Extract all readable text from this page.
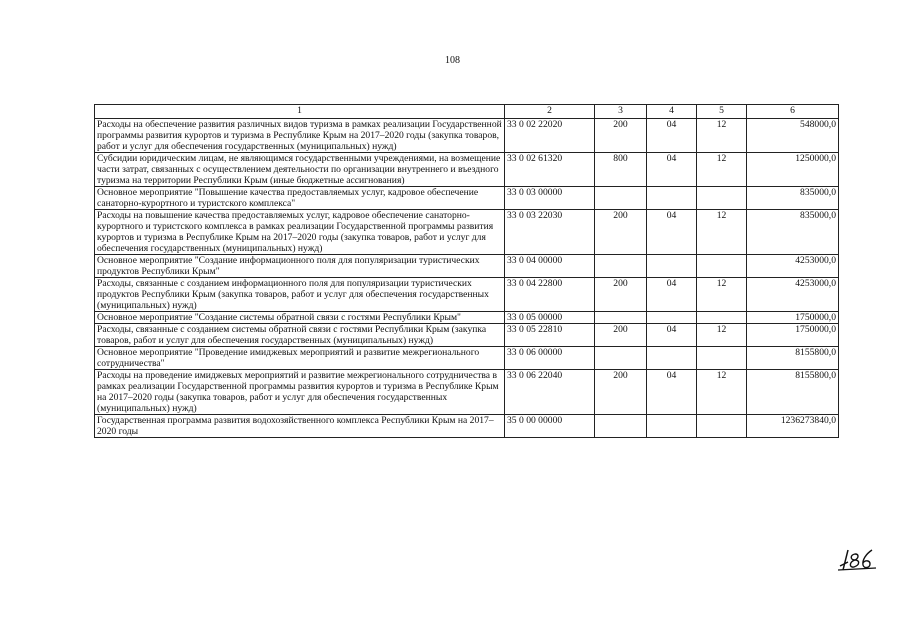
108
1	2	3	4	5	6
Расходы на обеспечение развития различных видов туризма в рамках реализации Государственной программы развития курортов и туризма в Республике Крым на 2017–2020 годы (закупка товаров, работ и услуг для обеспечения государственных (муниципальных) нужд)	33 0 02 22020	200	04	12	548000,0
Субсидии юридическим лицам, не являющимся государственными учреждениями, на возмещение части затрат, связанных с осуществлением деятельности по организации внутреннего и въездного туризма на территории Республики Крым (иные бюджетные ассигнования)	33 0 02 61320	800	04	12	1250000,0
Основное мероприятие "Повышение качества предоставляемых услуг, кадровое обеспечение санаторно-курортного и туристского комплекса"	33 0 03 00000				835000,0
Расходы на повышение качества предоставляемых услуг, кадровое обеспечение санаторно-курортного и туристского комплекса в рамках реализации Государственной программы развития курортов и туризма в Республике Крым на 2017–2020 годы (закупка товаров, работ и услуг для обеспечения государственных (муниципальных) нужд)	33 0 03 22030	200	04	12	835000,0
Основное мероприятие "Создание информационного поля для популяризации туристических продуктов Республики Крым"	33 0 04 00000				4253000,0
Расходы, связанные с созданием информационного поля для популяризации туристических продуктов Республики Крым (закупка товаров, работ и услуг для обеспечения государственных (муниципальных) нужд)	33 0 04 22800	200	04	12	4253000,0
Основное мероприятие "Создание системы обратной связи с гостями Республики Крым"	33 0 05 00000				1750000,0
Расходы, связанные с созданием системы обратной связи с гостями Республики Крым (закупка товаров, работ и услуг для обеспечения государственных (муниципальных) нужд)	33 0 05 22810	200	04	12	1750000,0
Основное мероприятие "Проведение имиджевых мероприятий и развитие межрегионального сотрудничества"	33 0 06 00000				8155800,0
Расходы на проведение имиджевых мероприятий и развитие межрегионального сотрудничества в рамках реализации Государственной программы развития курортов и туризма в Республике Крым на 2017–2020 годы (закупка товаров, работ и услуг для обеспечения государственных (муниципальных) нужд)	33 0 06 22040	200	04	12	8155800,0
Государственная программа развития водохозяйственного комплекса Республики Крым на 2017–2020 годы	35 0 00 00000				1236273840,0
